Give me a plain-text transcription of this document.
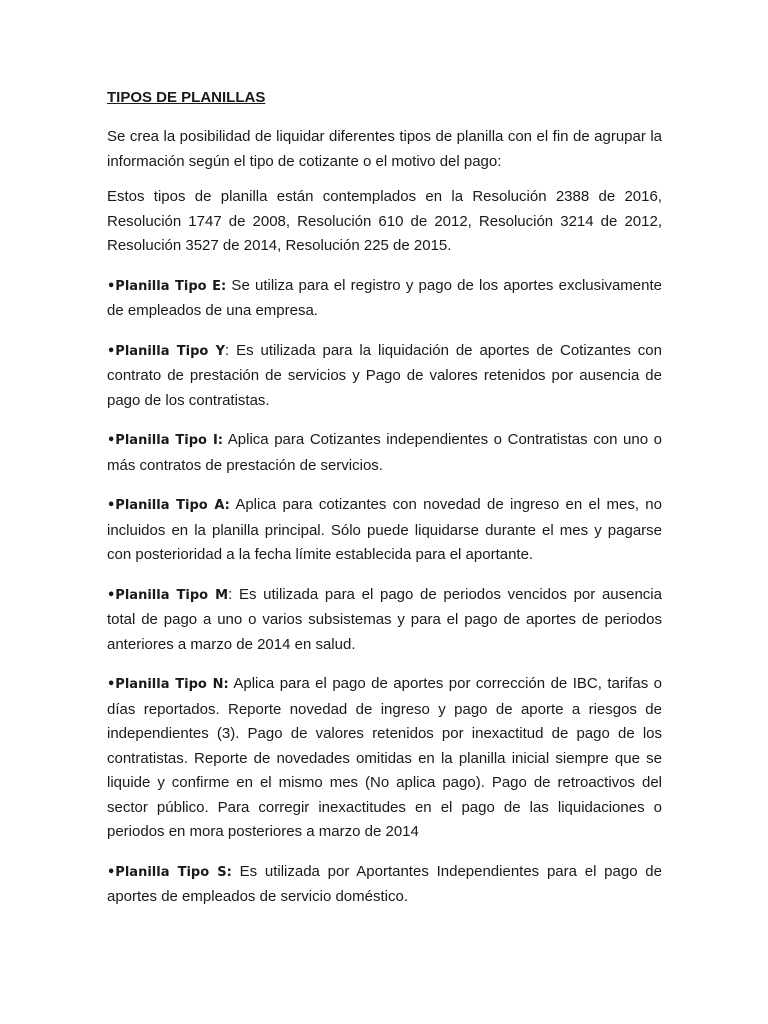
TIPOS DE PLANILLAS

Se crea la posibilidad de liquidar diferentes tipos de planilla con el fin de agrupar la información según el tipo de cotizante o el motivo del pago:

Estos tipos de planilla están contemplados en la Resolución 2388 de 2016, Resolución 1747 de 2008, Resolución 610 de 2012, Resolución 3214 de 2012, Resolución 3527 de 2014, Resolución 225 de 2015.

•Planilla Tipo E: Se utiliza para el registro y pago de los aportes exclusivamente de empleados de una empresa.

•Planilla Tipo Y: Es utilizada para la liquidación de aportes de Cotizantes con contrato de prestación de servicios y Pago de valores retenidos por ausencia de pago de los contratistas.

•Planilla Tipo I: Aplica para Cotizantes independientes o Contratistas con uno o más contratos de prestación de servicios.

•Planilla Tipo A: Aplica para cotizantes con novedad de ingreso en el mes, no incluidos en la planilla principal. Sólo puede liquidarse durante el mes y pagarse con posterioridad a la fecha límite establecida para el aportante.

•Planilla Tipo M: Es utilizada para el pago de periodos vencidos por ausencia total de pago a uno o varios subsistemas y para el pago de aportes de periodos anteriores a marzo de 2014 en salud.

•Planilla Tipo N: Aplica para el pago de aportes por corrección de IBC, tarifas o días reportados. Reporte novedad de ingreso y pago de aporte a riesgos de independientes (3). Pago de valores retenidos por inexactitud de pago de los contratistas. Reporte de novedades omitidas en la planilla inicial siempre que se liquide y confirme en el mismo mes (No aplica pago). Pago de retroactivos del sector público. Para corregir inexactitudes en el pago de las liquidaciones o periodos en mora posteriores a marzo de 2014

•Planilla Tipo S: Es utilizada por Aportantes Independientes para el pago de aportes de empleados de servicio doméstico.
